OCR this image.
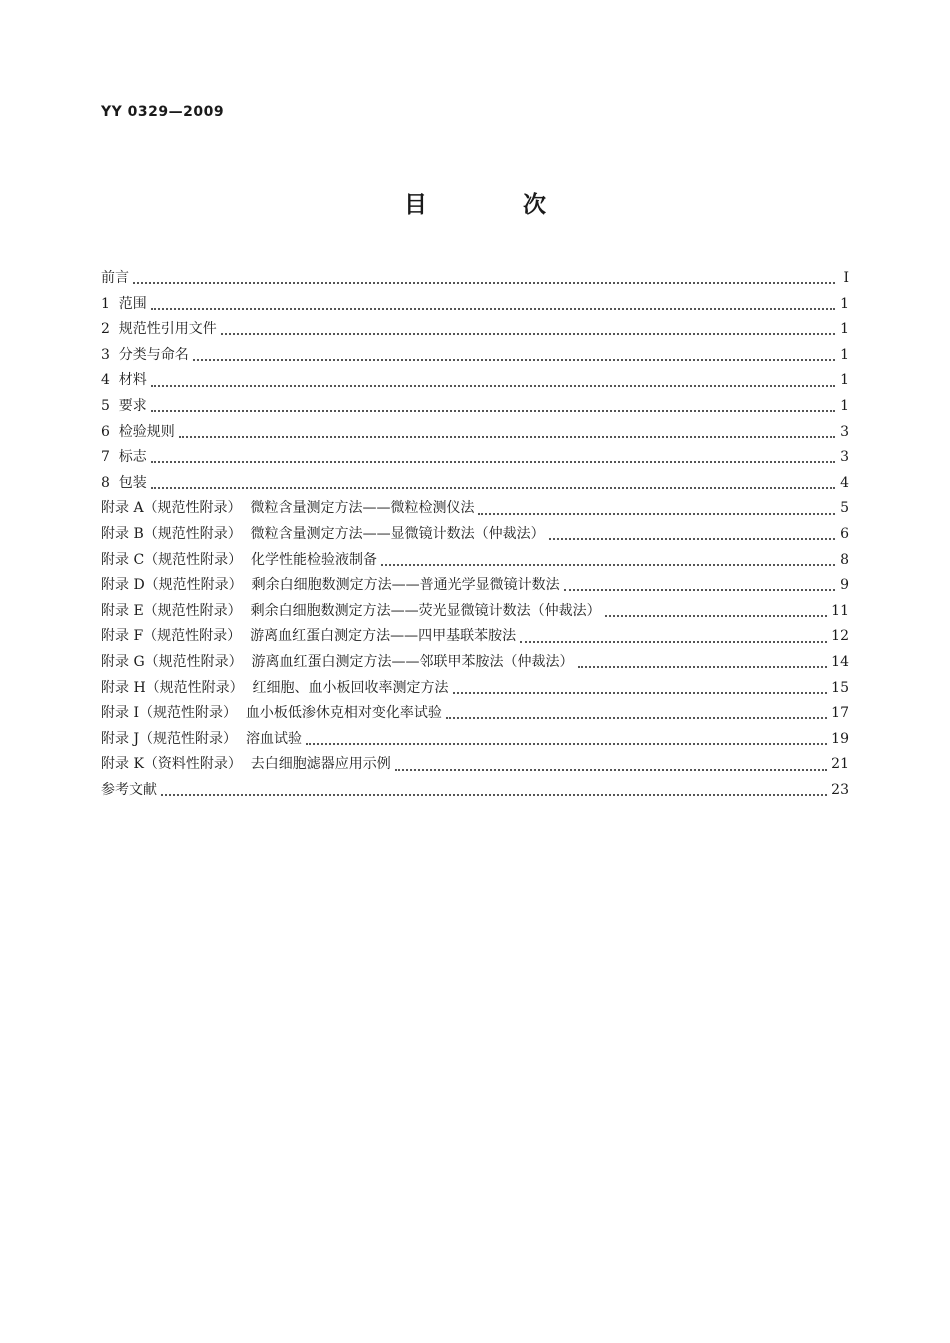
YY 0329—2009
目 次
前言	I
1  范围	1
2  规范性引用文件	1
3  分类与命名	1
4  材料	1
5  要求	1
6  检验规则	3
7  标志	3
8  包装	4
附录 A（规范性附录）  微粒含量测定方法——微粒检测仪法	5
附录 B（规范性附录）  微粒含量测定方法——显微镜计数法（仲裁法）	6
附录 C（规范性附录）  化学性能检验液制备	8
附录 D（规范性附录）  剩余白细胞数测定方法——普通光学显微镜计数法	9
附录 E（规范性附录）  剩余白细胞数测定方法——荧光显微镜计数法（仲裁法）	11
附录 F（规范性附录）  游离血红蛋白测定方法——四甲基联苯胺法	12
附录 G（规范性附录）  游离血红蛋白测定方法——邻联甲苯胺法（仲裁法）	14
附录 H（规范性附录）  红细胞、血小板回收率测定方法	15
附录 I（规范性附录）  血小板低渗休克相对变化率试验	17
附录 J（规范性附录）  溶血试验	19
附录 K（资料性附录）  去白细胞滤器应用示例	21
参考文献	23
